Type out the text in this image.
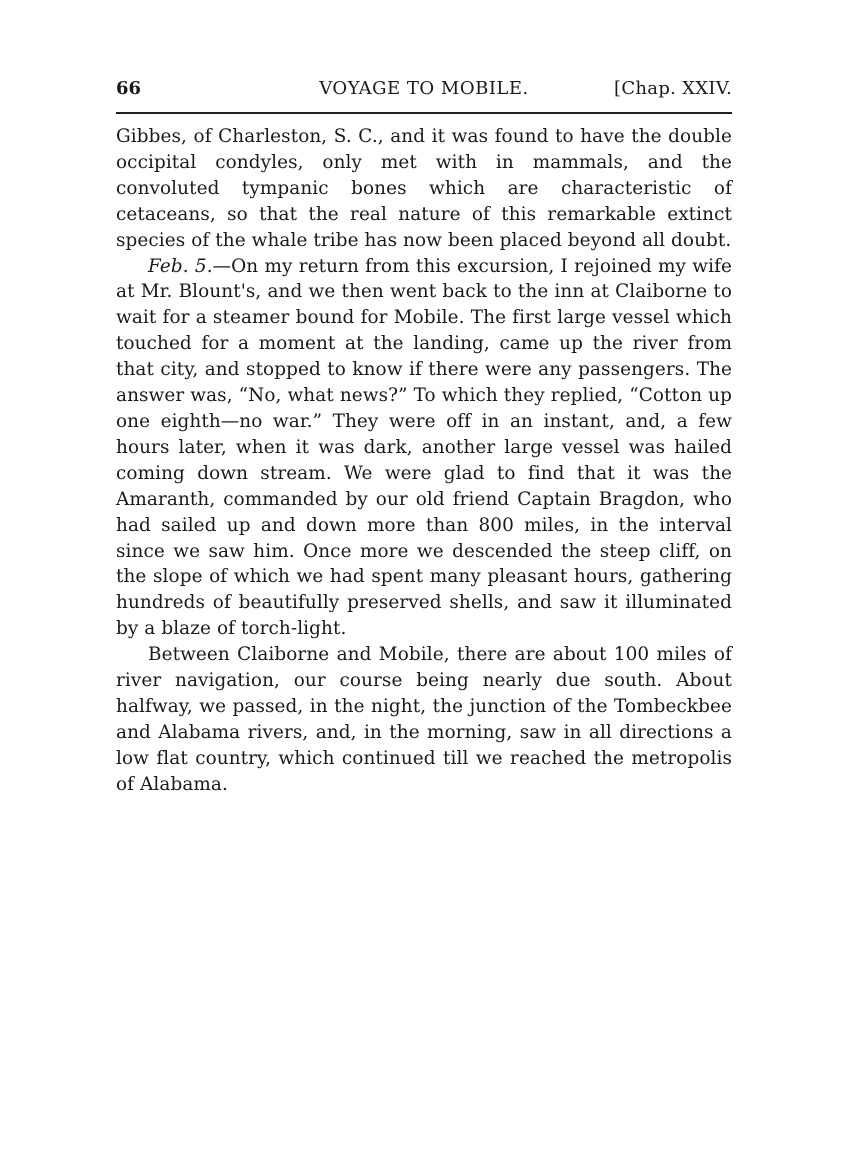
66	VOYAGE TO MOBILE.	[Chap. XXIV.

Gibbes, of Charleston, S. C., and it was found to have the double occipital condyles, only met with in mammals, and the convoluted tympanic bones which are characteristic of cetaceans, so that the real nature of this remarkable extinct species of the whale tribe has now been placed beyond all doubt.

Feb. 5.—On my return from this excursion, I rejoined my wife at Mr. Blount's, and we then went back to the inn at Claiborne to wait for a steamer bound for Mobile. The first large vessel which touched for a moment at the landing, came up the river from that city, and stopped to know if there were any passengers. The answer was, “No, what news?” To which they replied, “Cotton up one eighth—no war.” They were off in an instant, and, a few hours later, when it was dark, another large vessel was hailed coming down stream. We were glad to find that it was the Amaranth, commanded by our old friend Captain Bragdon, who had sailed up and down more than 800 miles, in the interval since we saw him. Once more we descended the steep cliff, on the slope of which we had spent many pleasant hours, gathering hundreds of beautifully preserved shells, and saw it illuminated by a blaze of torch-light.

Between Claiborne and Mobile, there are about 100 miles of river navigation, our course being nearly due south. About halfway, we passed, in the night, the junction of the Tombeckbee and Alabama rivers, and, in the morning, saw in all directions a low flat country, which continued till we reached the metropolis of Alabama.
